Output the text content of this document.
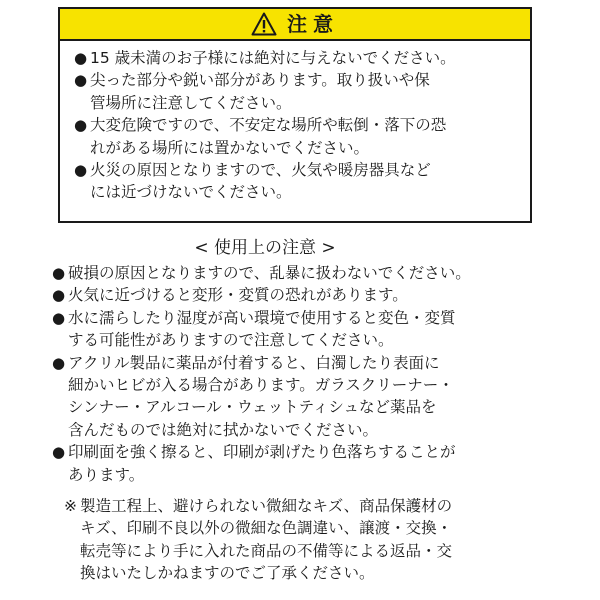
注意
● 15 歳未満のお子様には絶対に与えないでください。
● 尖った部分や鋭い部分があります。取り扱いや保
管場所に注意してください。
● 大変危険ですので、不安定な場所や転倒・落下の恐
れがある場所には置かないでください。
● 火災の原因となりますので、火気や暖房器具など
には近づけないでください。
< 使用上の注意 >
● 破損の原因となりますので、乱暴に扱わないでください。
● 火気に近づけると変形・変質の恐れがあります。
● 水に濡らしたり湿度が高い環境で使用すると変色・変質
する可能性がありますので注意してください。
● アクリル製品に薬品が付着すると、白濁したり表面に
細かいヒビが入る場合があります。ガラスクリーナー・
シンナー・アルコール・ウェットティシュなど薬品を
含んだものでは絶対に拭かないでください。
● 印刷面を強く擦ると、印刷が剥げたり色落ちすることが
あります。
※ 製造工程上、避けられない微細なキズ、商品保護材の
キズ、印刷不良以外の微細な色調違い、譲渡・交換・
転売等により手に入れた商品の不備等による返品・交
換はいたしかねますのでご了承ください。
